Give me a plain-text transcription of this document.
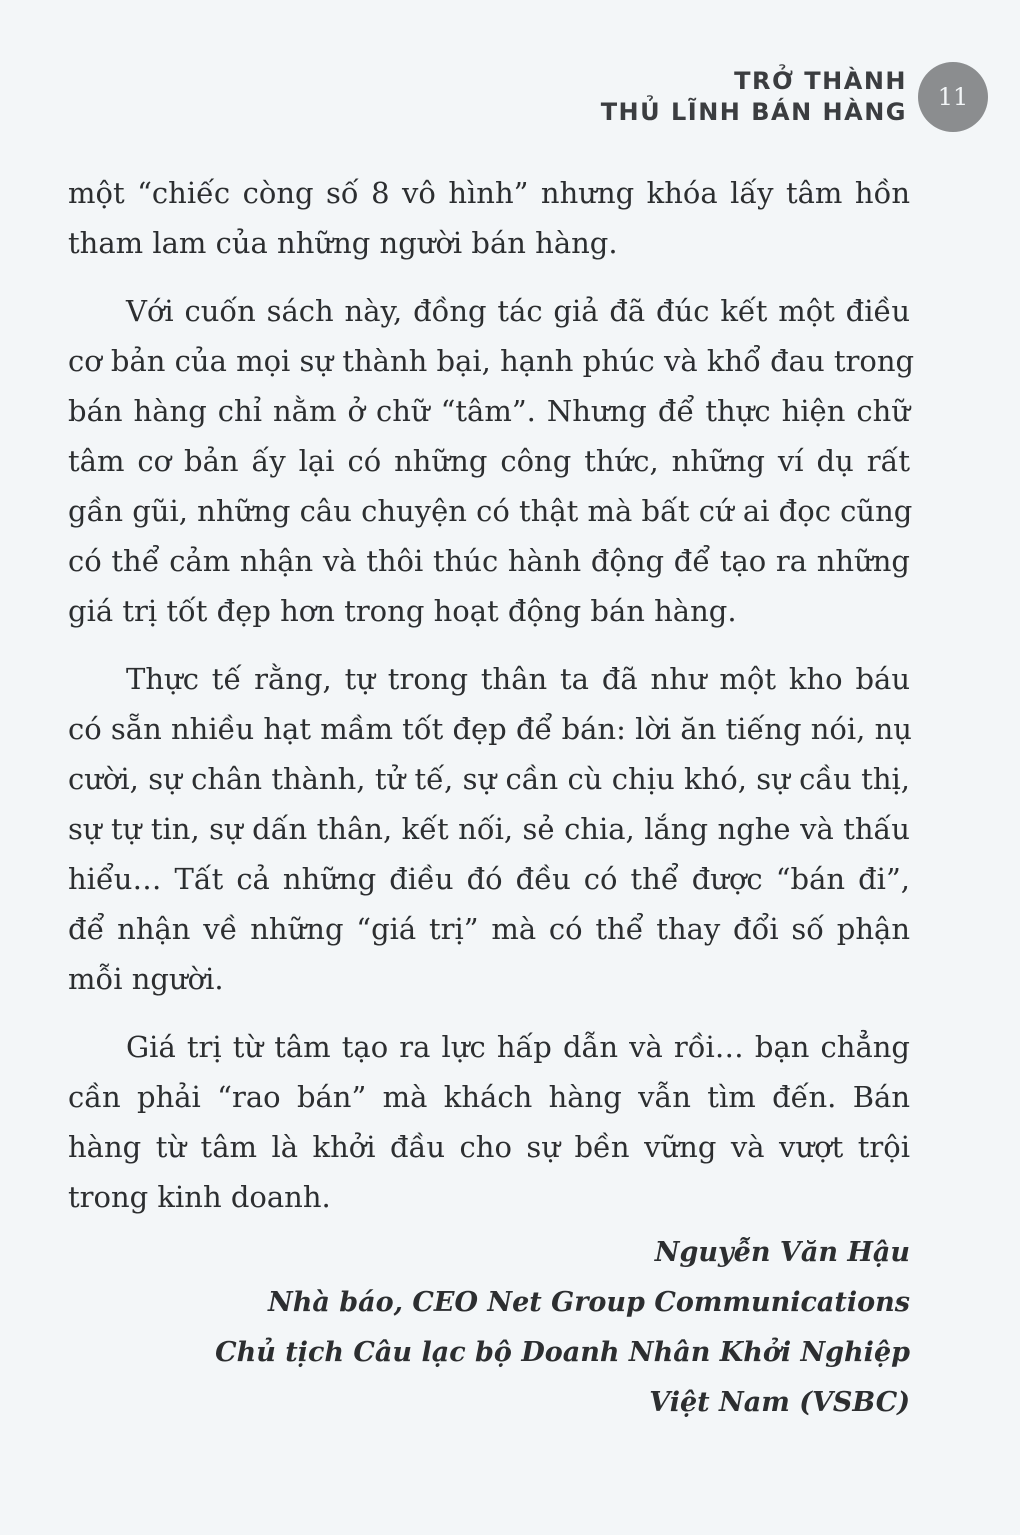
TRỞ THÀNH
THỦ LĨNH BÁN HÀNG
11

một “chiếc còng số 8 vô hình” nhưng khóa lấy tâm hồn
tham lam của những người bán hàng.

Với cuốn sách này, đồng tác giả đã đúc kết một điều
cơ bản của mọi sự thành bại, hạnh phúc và khổ đau trong
bán hàng chỉ nằm ở chữ “tâm”. Nhưng để thực hiện chữ
tâm cơ bản ấy lại có những công thức, những ví dụ rất
gần gũi, những câu chuyện có thật mà bất cứ ai đọc cũng
có thể cảm nhận và thôi thúc hành động để tạo ra những
giá trị tốt đẹp hơn trong hoạt động bán hàng.

Thực tế rằng, tự trong thân ta đã như một kho báu
có sẵn nhiều hạt mầm tốt đẹp để bán: lời ăn tiếng nói, nụ
cười, sự chân thành, tử tế, sự cần cù chịu khó, sự cầu thị,
sự tự tin, sự dấn thân, kết nối, sẻ chia, lắng nghe và thấu
hiểu… Tất cả những điều đó đều có thể được “bán đi”,
để nhận về những “giá trị” mà có thể thay đổi số phận
mỗi người.

Giá trị từ tâm tạo ra lực hấp dẫn và rồi… bạn chẳng
cần phải “rao bán” mà khách hàng vẫn tìm đến. Bán
hàng từ tâm là khởi đầu cho sự bền vững và vượt trội
trong kinh doanh.

Nguyễn Văn Hậu
Nhà báo, CEO Net Group Communications
Chủ tịch Câu lạc bộ Doanh Nhân Khởi Nghiệp
Việt Nam (VSBC)
